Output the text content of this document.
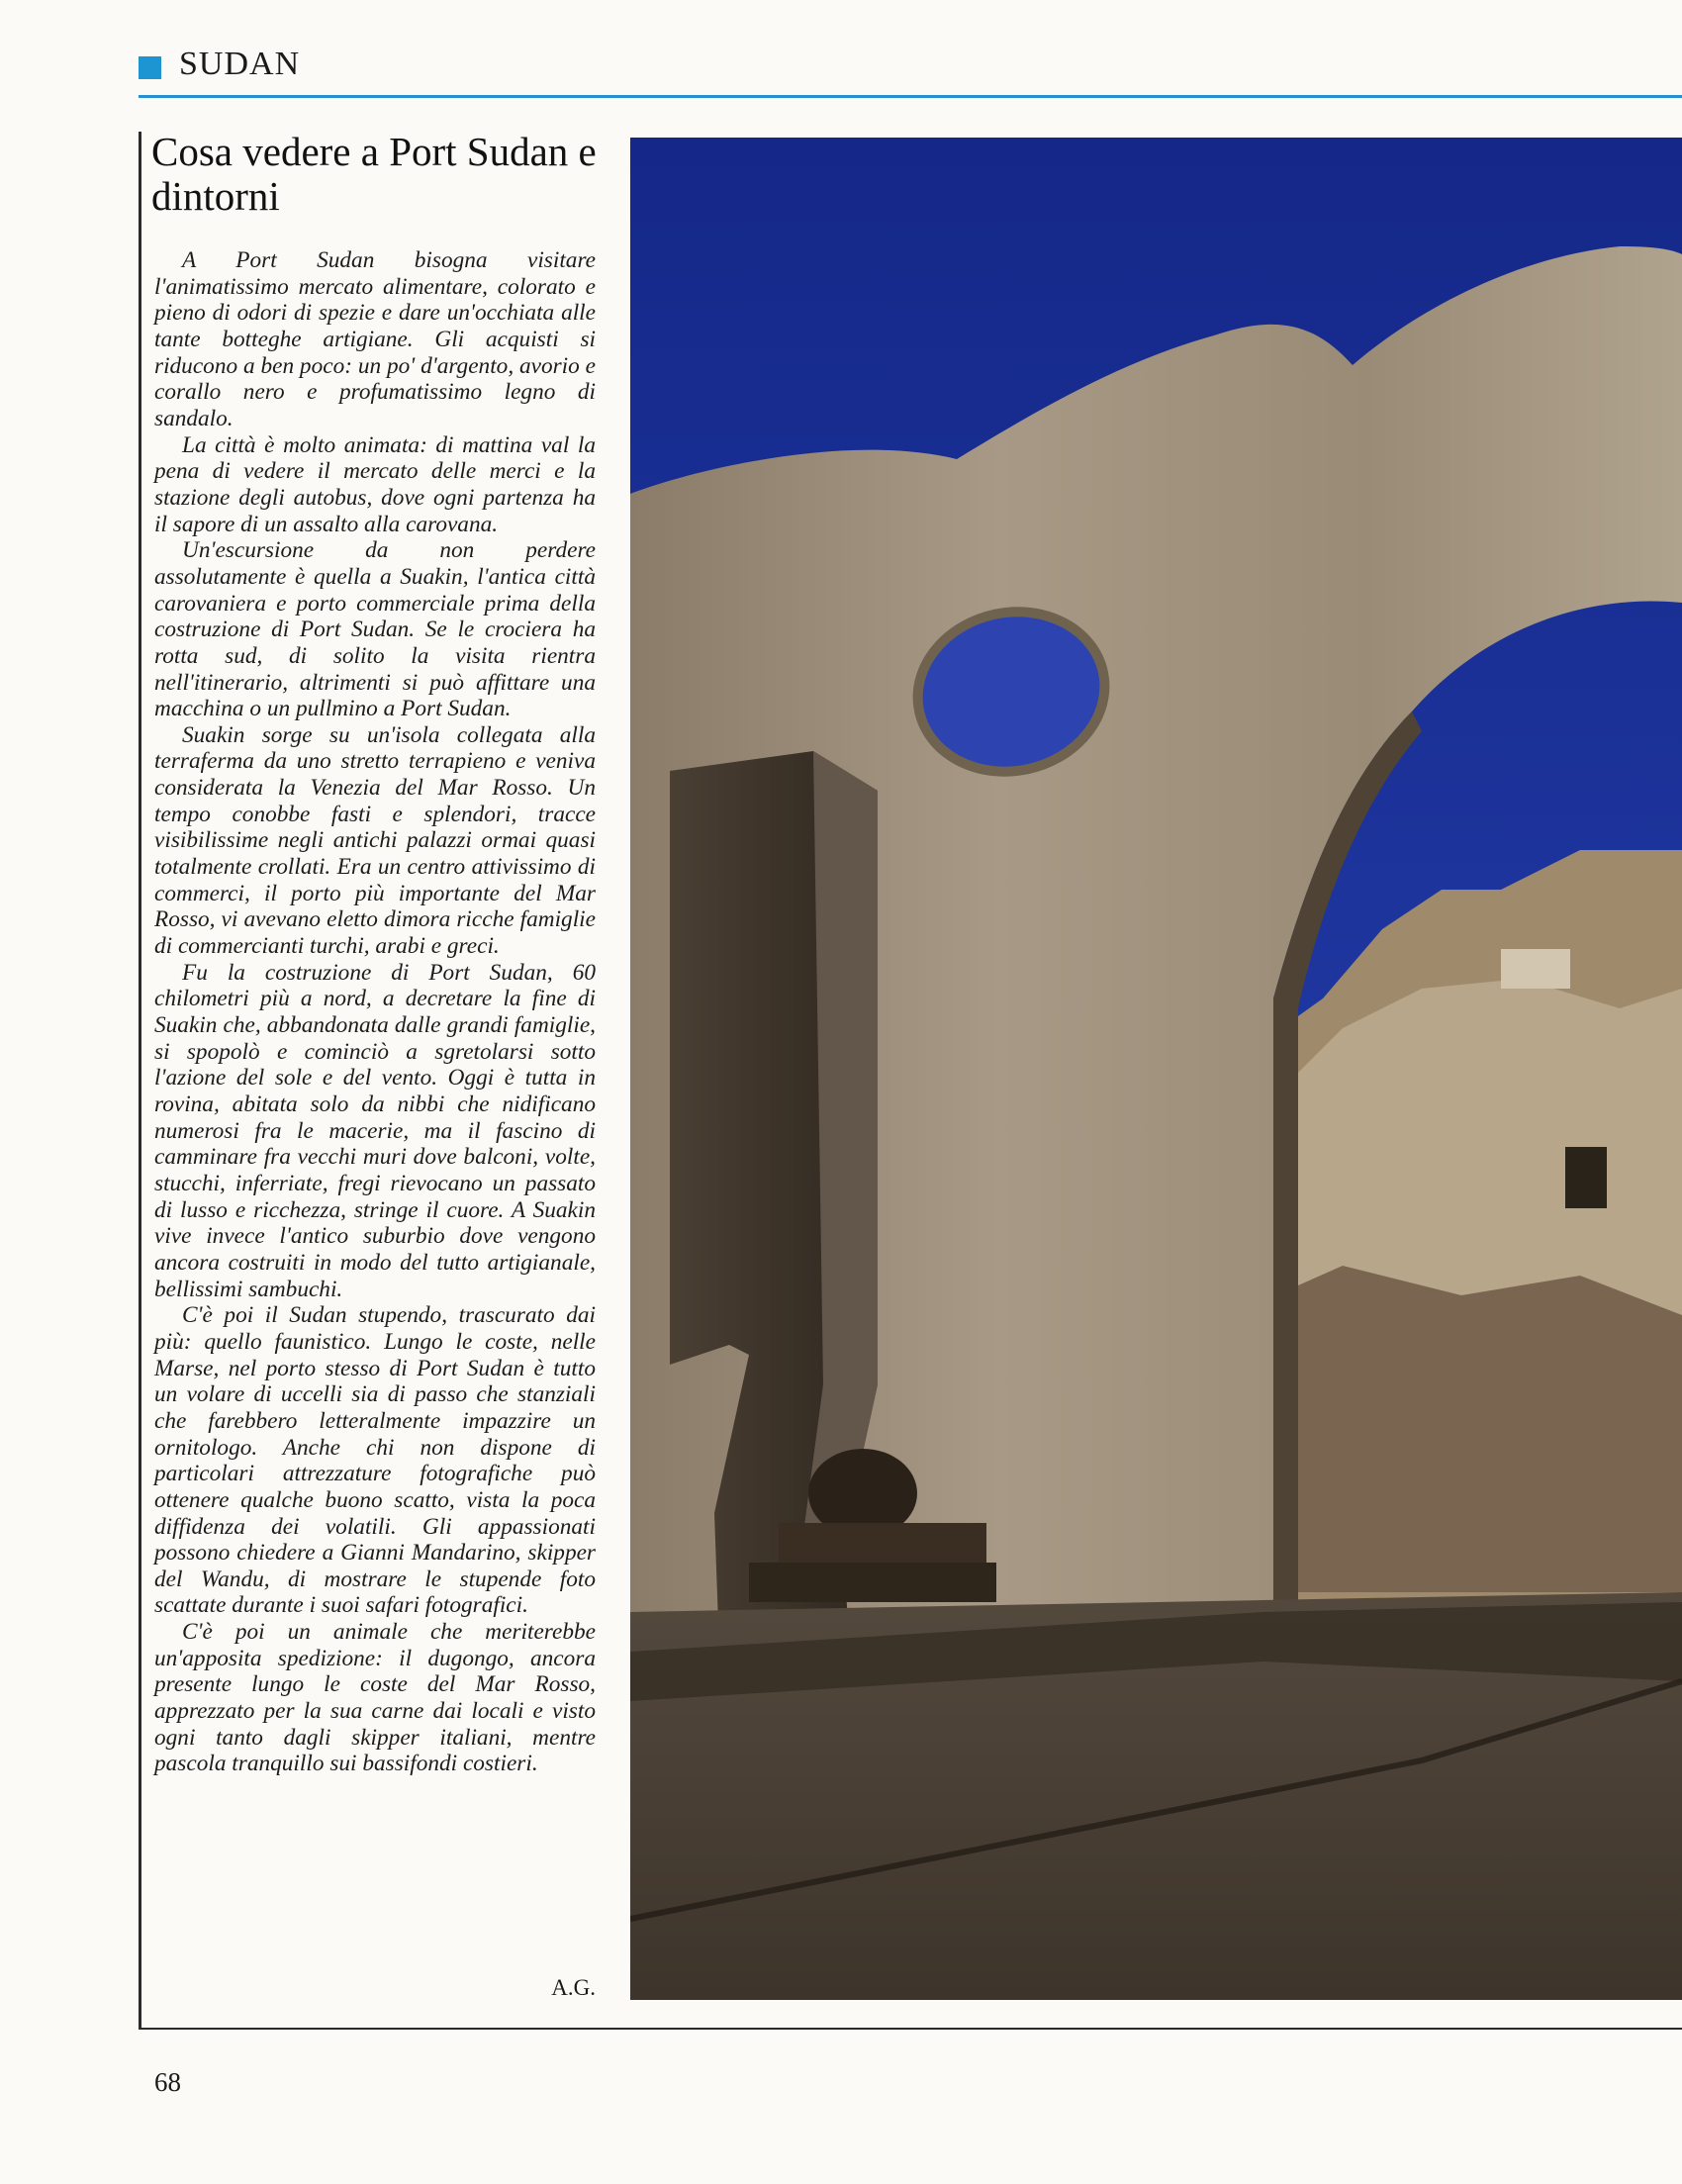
SUDAN
Cosa vedere a Port Sudan e dintorni

A Port Sudan bisogna visitare l'animatissimo mercato alimentare, colorato e pieno di odori di spezie e dare un'occhiata alle tante botteghe artigiane. Gli acquisti si riducono a ben poco: un po' d'argento, avorio e corallo nero e profumatissimo legno di sandalo.

La città è molto animata: di mattina val la pena di vedere il mercato delle merci e la stazione degli autobus, dove ogni partenza ha il sapore di un assalto alla carovana.

Un'escursione da non perdere assolutamente è quella a Suakin, l'antica città carovaniera e porto commerciale prima della costruzione di Port Sudan. Se le crociera ha rotta sud, di solito la visita rientra nell'itinerario, altrimenti si può affittare una macchina o un pullmino a Port Sudan.

Suakin sorge su un'isola collegata alla terraferma da uno stretto terrapieno e veniva considerata la Venezia del Mar Rosso. Un tempo conobbe fasti e splendori, tracce visibilissime negli antichi palazzi ormai quasi totalmente crollati. Era un centro attivissimo di commerci, il porto più importante del Mar Rosso, vi avevano eletto dimora ricche famiglie di commercianti turchi, arabi e greci.

Fu la costruzione di Port Sudan, 60 chilometri più a nord, a decretare la fine di Suakin che, abbandonata dalle grandi famiglie, si spopolò e cominciò a sgretolarsi sotto l'azione del sole e del vento. Oggi è tutta in rovina, abitata solo da nibbi che nidificano numerosi fra le macerie, ma il fascino di camminare fra vecchi muri dove balconi, volte, stucchi, inferriate, fregi rievocano un passato di lusso e ricchezza, stringe il cuore. A Suakin vive invece l'antico suburbio dove vengono ancora costruiti in modo del tutto artigianale, bellissimi sambuchi.

C'è poi il Sudan stupendo, trascurato dai più: quello faunistico. Lungo le coste, nelle Marse, nel porto stesso di Port Sudan è tutto un volare di uccelli sia di passo che stanziali che farebbero letteralmente impazzire un ornitologo. Anche chi non dispone di particolari attrezzature fotografiche può ottenere qualche buono scatto, vista la poca diffidenza dei volatili. Gli appassionati possono chiedere a Gianni Mandarino, skipper del Wandu, di mostrare le stupende foto scattate durante i suoi safari fotografici.

C'è poi un animale che meriterebbe un'apposita spedizione: il dugongo, ancora presente lungo le coste del Mar Rosso, apprezzato per la sua carne dai locali e visto ogni tanto dagli skipper italiani, mentre pascola tranquillo sui bassifondi costieri.

A.G.
68
